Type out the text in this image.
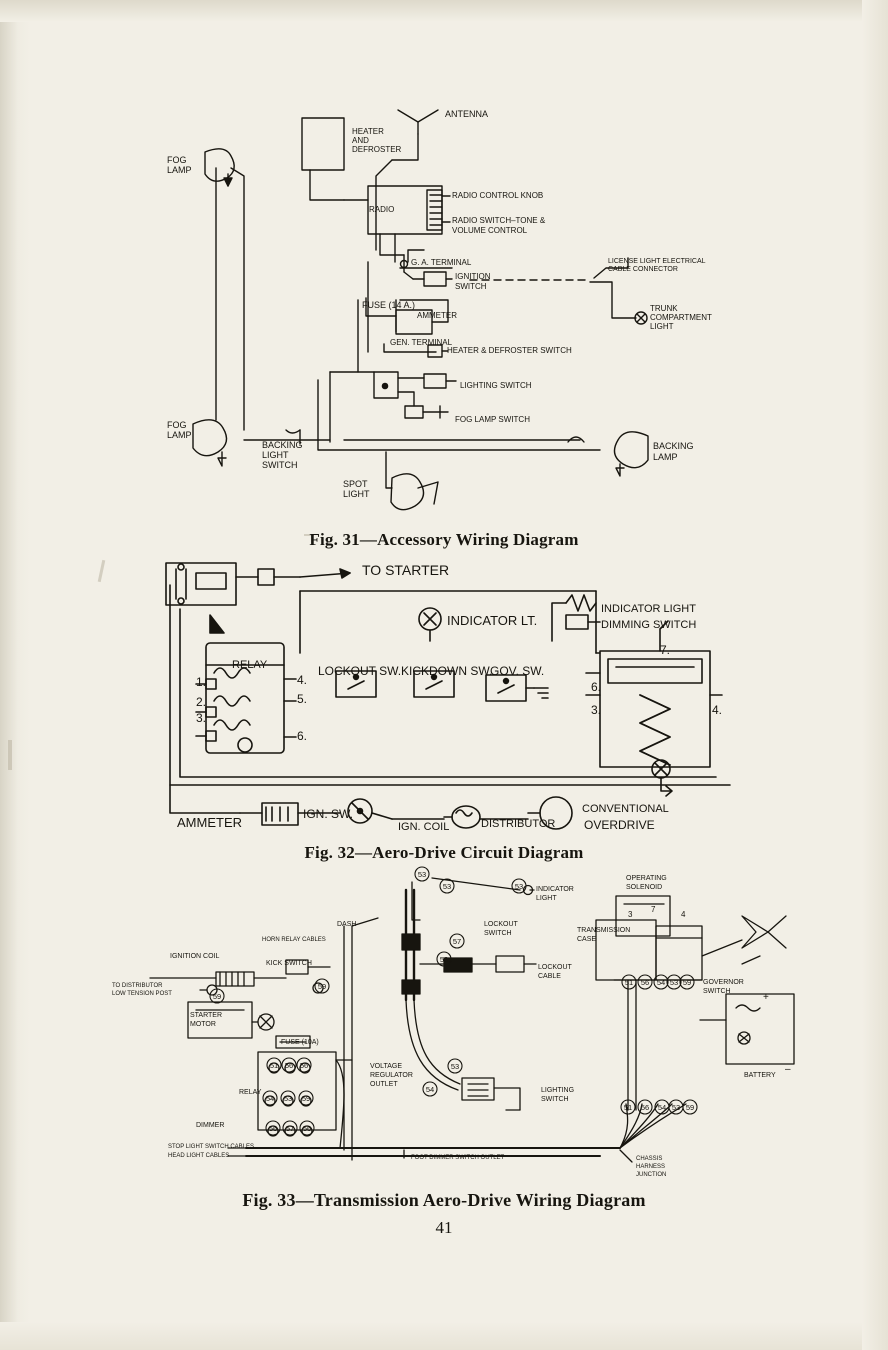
Fig. 31—Accessory Wiring Diagram
Fig. 32—Aero-Drive Circuit Diagram
Fig. 33—Transmission Aero-Drive Wiring Diagram
41
ANTENNA
HEATER
AND
DEFROSTER
FOG
LAMP
RADIO CONTROL KNOB
RADIO
RADIO SWITCH–TONE &
VOLUME CONTROL
LICENSE LIGHT ELECTRICAL
CABLE CONNECTOR
G. A. TERMINAL
IGNITION
SWITCH
TRUNK
COMPARTMENT
LIGHT
FUSE (14 A.)
AMMETER
GEN. TERMINAL
HEATER & DEFROSTER SWITCH
LIGHTING SWITCH
FOG LAMP SWITCH
FOG
LAMP
BACKING
LIGHT
SWITCH
BACKING
LAMP
SPOT
LIGHT
TO STARTER
INDICATOR LT.
INDICATOR LIGHT
DIMMING SWITCH
RELAY	LOCKOUT SW. KICKDOWN SW.
GOV. SW.
1.
2.
3.
4.
5.
6.
7.
6.
3.	4.
AMMETER
IGN. SW.
IGN. COIL	DISTRIBUTOR
CONVENTIONAL
OVERDRIVE
INDICATOR
LIGHT
OPERATING
SOLENOID
DASH	LOCKOUT
SWITCH	TRANSMISSION
CASE
HORN RELAY CABLES
IGNITION COIL
KICK SWITCH
LOCKOUT
CABLE
GOVERNOR
SWITCH
TO DISTRIBUTOR
LOW TENSION POST
STARTER
MOTOR
FUSE (10A)
VOLTAGE
REGULATOR
OUTLET
LIGHTING
SWITCH
BATTERY
RELAY
DIMMER
STOP LIGHT SWITCH CABLES
HEAD LIGHT CABLES	FOOT DIMMER SWITCH OUTLET	CHASSIS
HARNESS
JUNCTION
59
59
51 56 56
54 53 59
56 57 56
53
53	53
57
58
53
54
51 56 54 53 59
51 56 54 53 59
3
7
4
+
–
